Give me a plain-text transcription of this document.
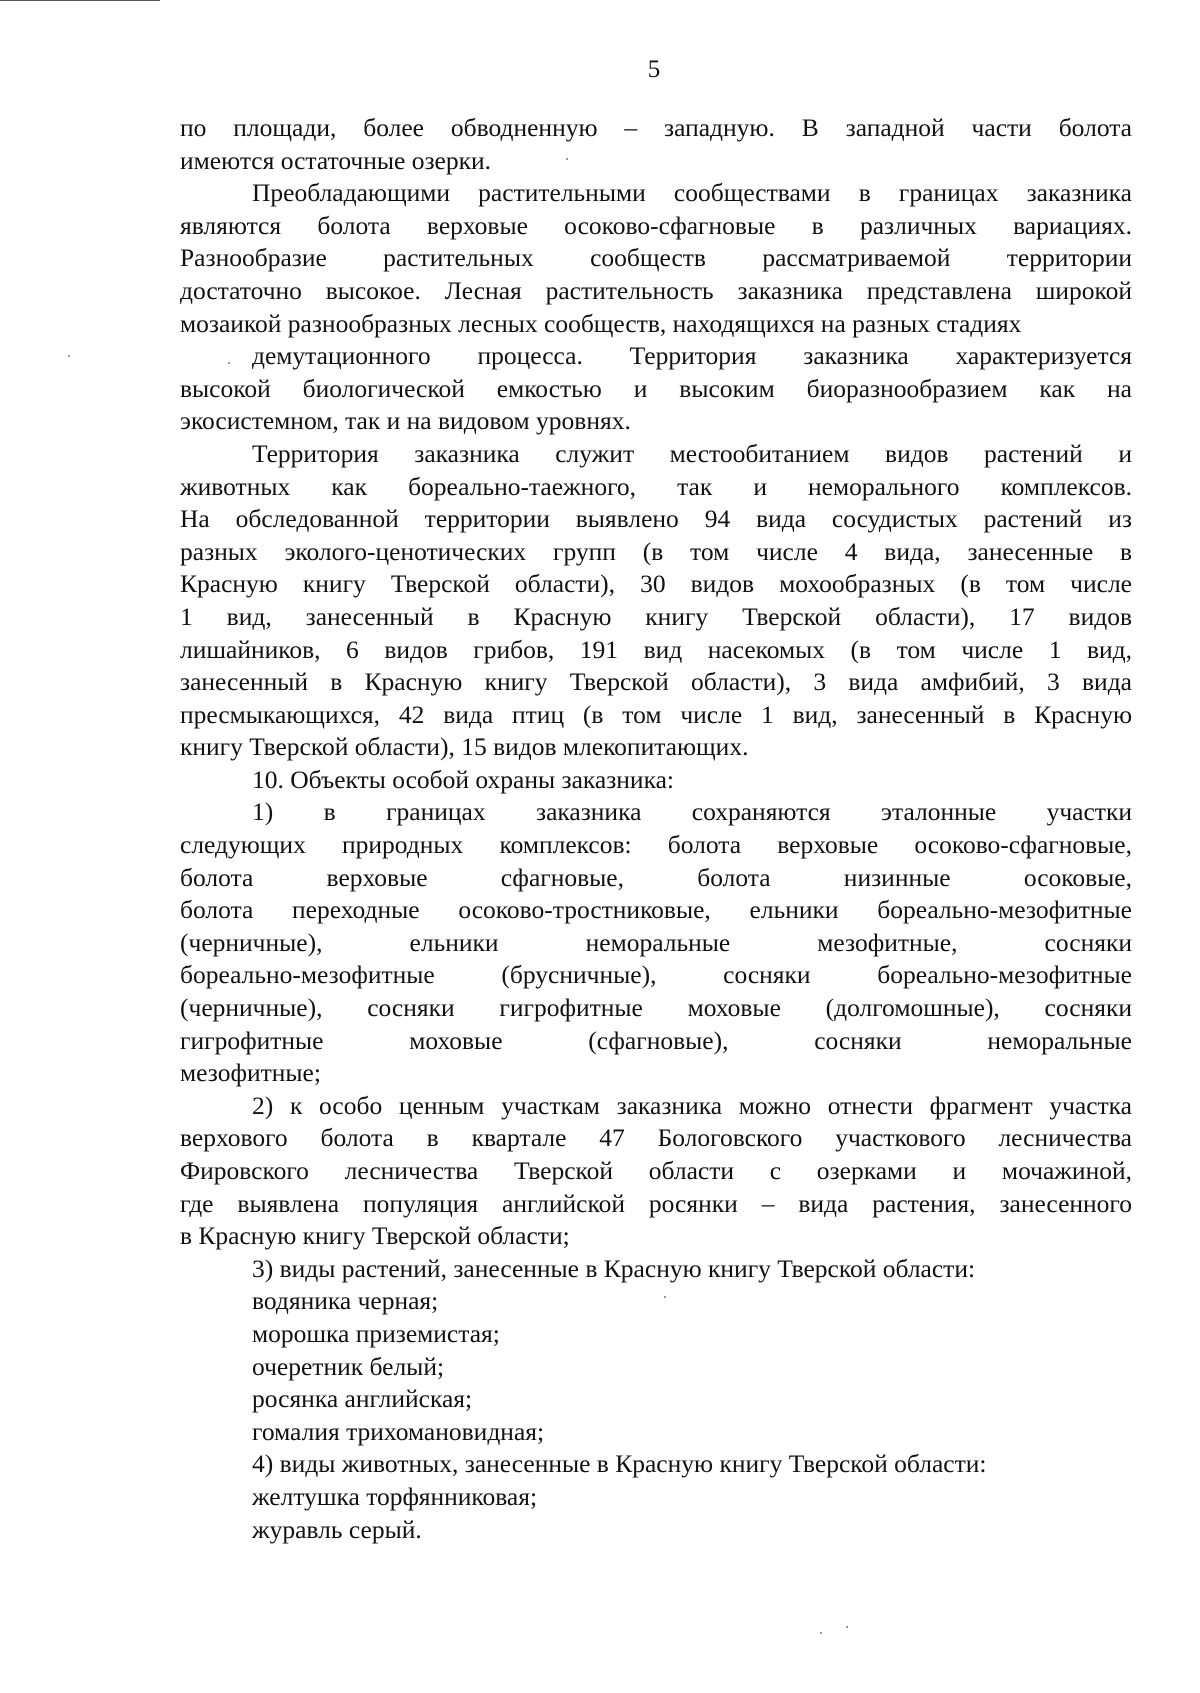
5

по площади, более обводненную – западную. В западной части болота
имеются остаточные озерки.

Преобладающими растительными сообществами в границах заказника
являются болота верховые осоково-сфагновые в различных вариациях.
Разнообразие растительных сообществ рассматриваемой территории
достаточно высокое. Лесная растительность заказника представлена широкой
мозаикой разнообразных лесных сообществ, находящихся на разных стадиях

демутационного процесса. Территория заказника характеризуется
высокой биологической емкостью и высоким биоразнообразием как на
экосистемном, так и на видовом уровнях.

Территория заказника служит местообитанием видов растений и
животных как бореально-таежного, так и неморального комплексов.
На обследованной территории выявлено 94 вида сосудистых растений из
разных эколого-ценотических групп (в том числе 4 вида, занесенные в
Красную книгу Тверской области), 30 видов мохообразных (в том числе
1 вид, занесенный в Красную книгу Тверской области), 17 видов
лишайников, 6 видов грибов, 191 вид насекомых (в том числе 1 вид,
занесенный в Красную книгу Тверской области), 3 вида амфибий, 3 вида
пресмыкающихся, 42 вида птиц (в том числе 1 вид, занесенный в Красную
книгу Тверской области), 15 видов млекопитающих.

10. Объекты особой охраны заказника:

1) в границах заказника сохраняются эталонные участки
следующих природных комплексов: болота верховые осоково-сфагновые,
болота верховые сфагновые, болота низинные осоковые,
болота переходные осоково-тростниковые, ельники бореально-мезофитные
(черничные), ельники неморальные мезофитные, сосняки
бореально-мезофитные (брусничные), сосняки бореально-мезофитные
(черничные), сосняки гигрофитные моховые (долгомошные), сосняки
гигрофитные моховые (сфагновые), сосняки неморальные
мезофитные;

2) к особо ценным участкам заказника можно отнести фрагмент участка
верхового болота в квартале 47 Бологовского участкового лесничества
Фировского лесничества Тверской области с озерками и мочажиной,
где выявлена популяция английской росянки – вида растения, занесенного
в Красную книгу Тверской области;

3) виды растений, занесенные в Красную книгу Тверской области:
водяника черная;
морошка приземистая;
очеретник белый;
росянка английская;
гомалия трихомановидная;
4) виды животных, занесенные в Красную книгу Тверской области:
желтушка торфянниковая;
журавль серый.
